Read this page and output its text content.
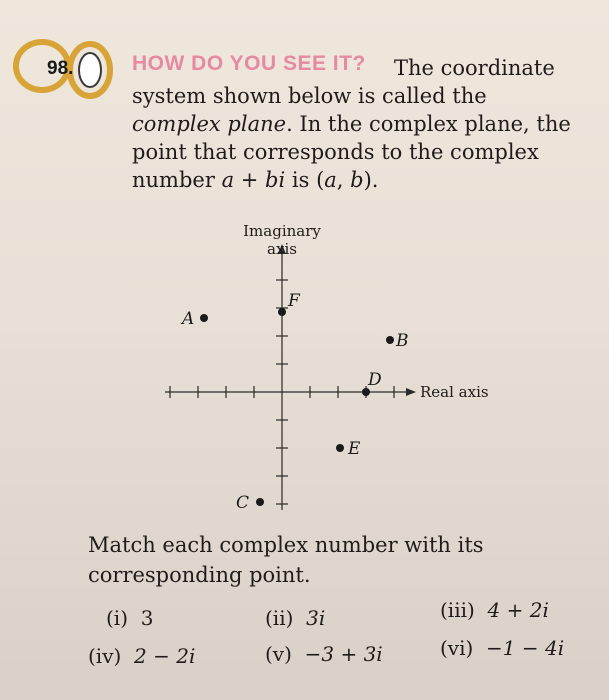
98.	HOW DO YOU SEE IT?	The coordinate system shown below is called the complex plane. In the complex plane, the point that corresponds to the complex number a + bi is (a, b).
Imaginary
axis
Real axis
A
F
B
D
E
C
Match each complex number with its corresponding point.
(i) 3	(ii) 3i	(iii) 4 + 2i
(iv) 2 − 2i	(v) −3 + 3i	(vi) −1 − 4i
